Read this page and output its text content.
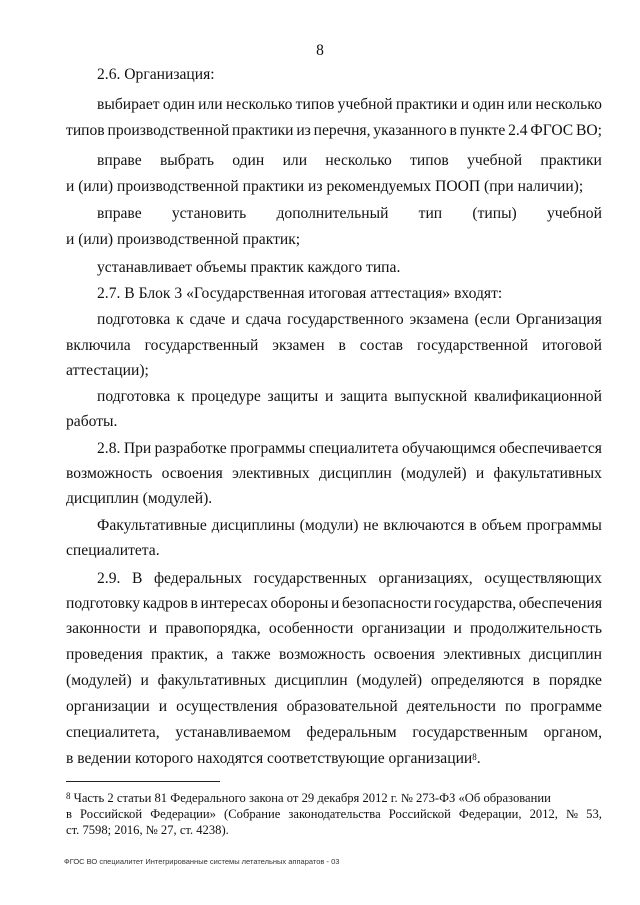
8
2.6. Организация:
выбирает один или несколько типов учебной практики и один или несколько
типов производственной практики из перечня, указанного в пункте 2.4 ФГОС ВО;
вправе выбрать один или несколько типов учебной практики
и (или) производственной практики из рекомендуемых ПООП (при наличии);
вправе установить дополнительный тип (типы) учебной
и (или) производственной практик;
устанавливает объемы практик каждого типа.
2.7. В Блок 3 «Государственная итоговая аттестация» входят:
подготовка к сдаче и сдача государственного экзамена (если Организация
включила государственный экзамен в состав государственной итоговой
аттестации);
подготовка к процедуре защиты и защита выпускной квалификационной
работы.
2.8. При разработке программы специалитета обучающимся обеспечивается
возможность освоения элективных дисциплин (модулей) и факультативных
дисциплин (модулей).
Факультативные дисциплины (модули) не включаются в объем программы
специалитета.
2.9. В федеральных государственных организациях, осуществляющих
подготовку кадров в интересах обороны и безопасности государства, обеспечения
законности и правопорядка, особенности организации и продолжительность
проведения практик, а также возможность освоения элективных дисциплин
(модулей) и факультативных дисциплин (модулей) определяются в порядке
организации и осуществления образовательной деятельности по программе
специалитета, устанавливаемом федеральным государственным органом,
в ведении которого находятся соответствующие организации$^8$.
$^8$ Часть 2 статьи 81 Федерального закона от 29 декабря 2012 г. № 273-ФЗ «Об образовании
в Российской Федерации» (Собрание законодательства Российской Федерации, 2012, № 53,
ст. 7598; 2016, № 27, ст. 4238).
ФГОС ВО специалитет Интегрированные системы летательных аппаратов - 03
